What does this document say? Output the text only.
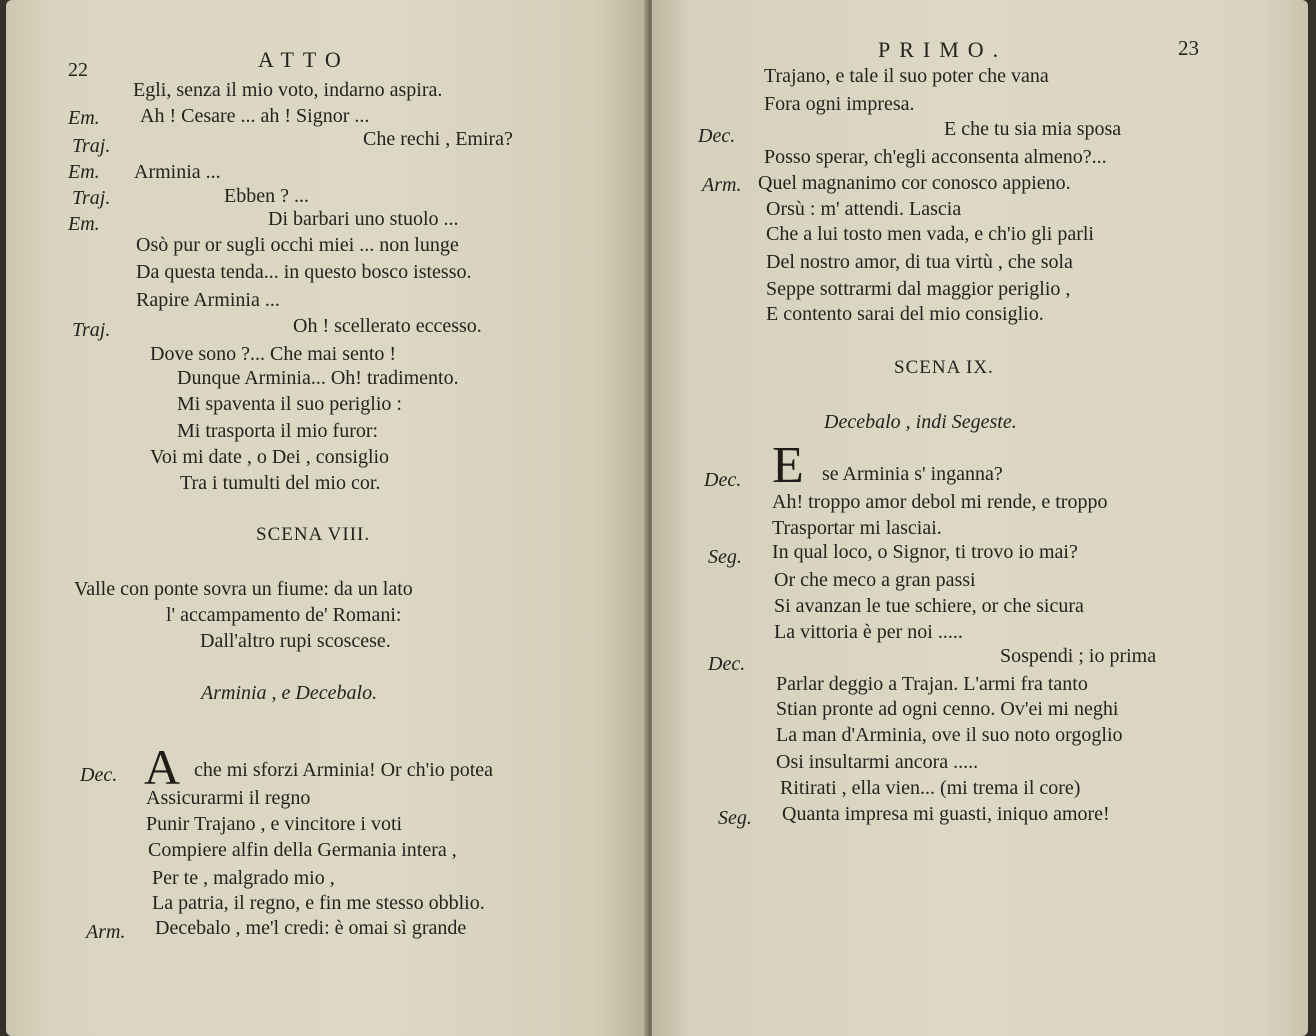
22	ATTO
Egli, senza il mio voto, indarno aspira.
Em. Ah ! Cesare ... ah ! Signor ...
Traj.	Che rechi , Emira?
Em. Arminia ...
Traj.	Ebben ? ...
Em.	Di barbari uno stuolo ...
Osò pur or sugli occhi miei ... non lunge
Da questa tenda... in questo bosco istesso.
Rapire Arminia ...
Traj.	Oh ! scellerato eccesso.
Dove sono ?... Che mai sento !
Dunque Arminia... Oh! tradimento.
Mi spaventa il suo periglio :
Mi trasporta il mio furor:
Voi mi date , o Dei , consiglio
Tra i tumulti del mio cor.
SCENA VIII.
Valle con ponte sovra un fiume: da un lato
l' accampamento de' Romani:
Dall'altro rupi scoscese.
Arminia , e Decebalo.
Dec. A che mi sforzi Arminia! Or ch'io potea
Assicurarmi il regno
Punir Trajano , e vincitore i voti
Compiere alfin della Germania intera ,
Per te , malgrado mio ,
La patria, il regno, e fin me stesso obblio.
Arm. Decebalo , me'l credi: è omai sì grande
PRIMO.	23
Trajano, e tale il suo poter che vana
Fora ogni impresa.
Dec.	E che tu sia mia sposa
Posso sperar, ch'egli acconsenta almeno?...
Arm. Quel magnanimo cor conosco appieno.
Orsù : m' attendi. Lascia
Che a lui tosto men vada, e ch'io gli parli
Del nostro amor, di tua virtù , che sola
Seppe sottrarmi dal maggior periglio ,
E contento sarai del mio consiglio.
SCENA IX.
Decebalo , indi Segeste.
Dec. E se Arminia s' inganna?
Ah! troppo amor debol mi rende, e troppo
Trasportar mi lasciai.
Seg. In qual loco, o Signor, ti trovo io mai?
Or che meco a gran passi
Si avanzan le tue schiere, or che sicura
La vittoria è per noi .....
Dec.	Sospendi ; io prima
Parlar deggio a Trajan. L'armi fra tanto
Stian pronte ad ogni cenno. Ov'ei mi neghi
La man d'Arminia, ove il suo noto orgoglio
Osi insultarmi ancora .....
Ritirati , ella vien... (mi trema il core)
Seg. Quanta impresa mi guasti, iniquo amore!
